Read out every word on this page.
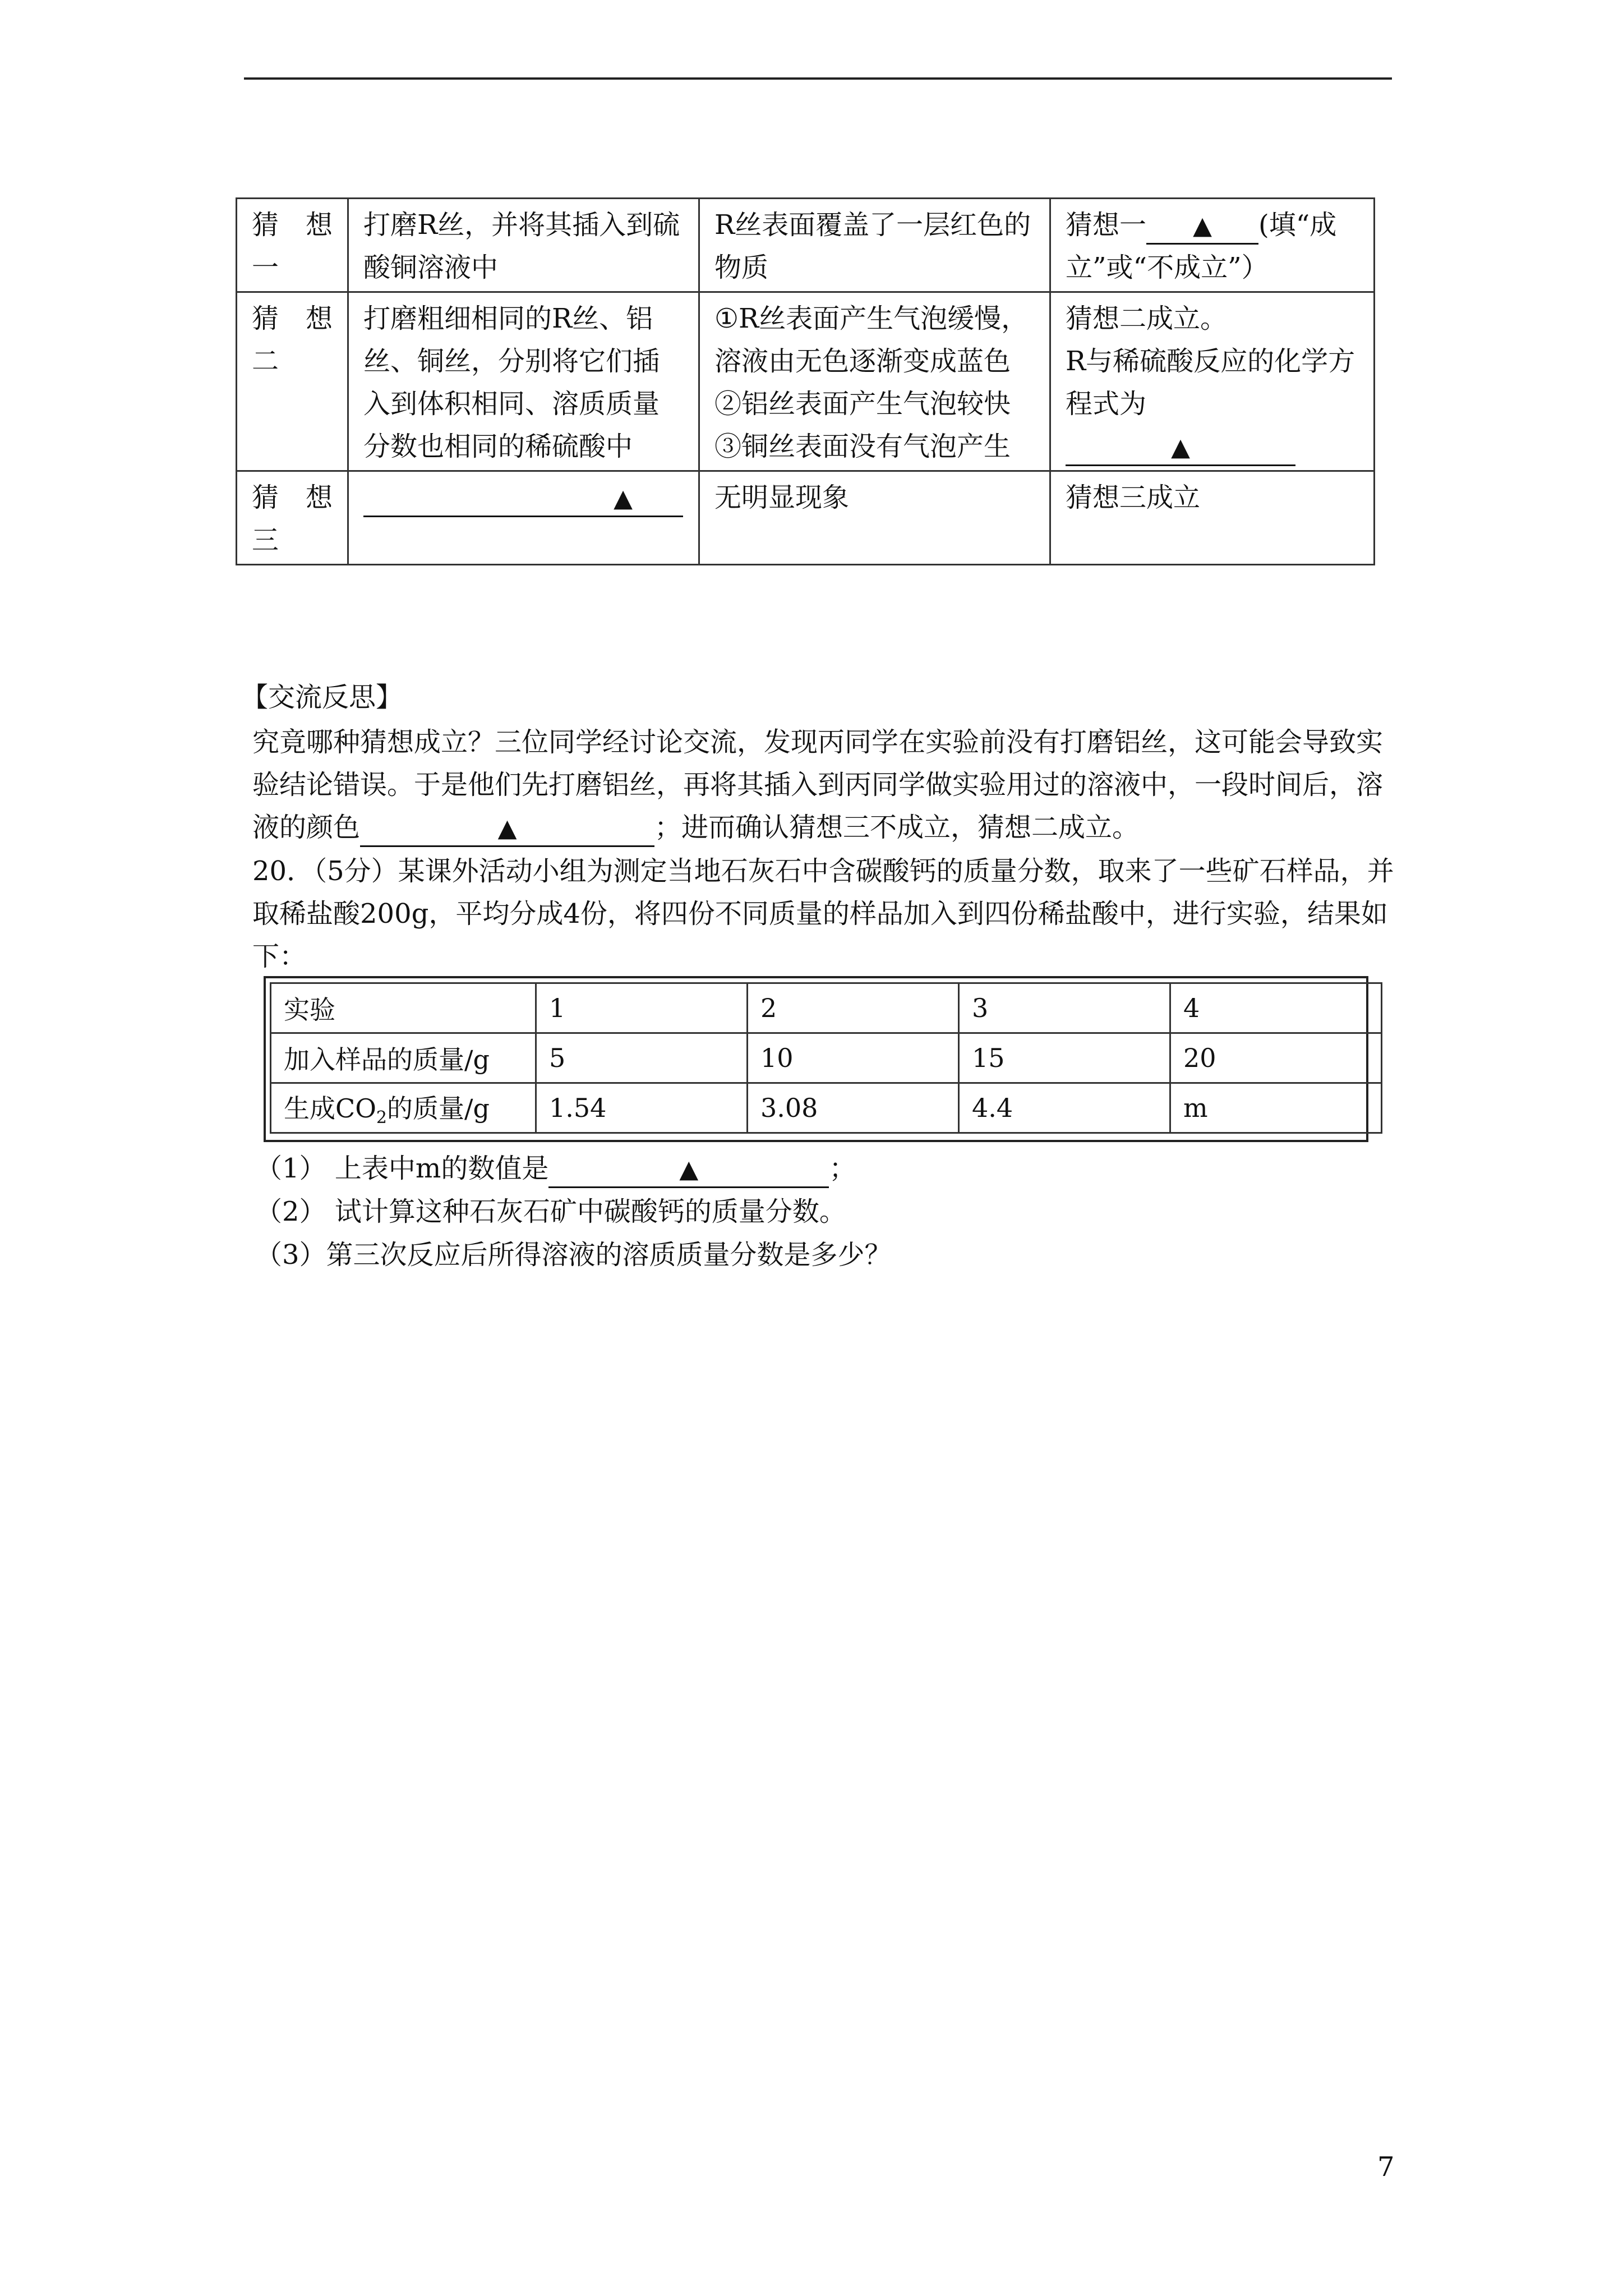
猜　想
一	打磨R丝，并将其插入到硫酸铜溶液中	R丝表面覆盖了一层红色的物质	猜想一 ▲ (填“成立”或“不成立”）
猜　想
二	打磨粗细相同的R丝、铝丝、铜丝，分别将它们插入到体积相同、溶质质量分数也相同的稀硫酸中	①R丝表面产生气泡缓慢，溶液由无色逐渐变成蓝色
②铝丝表面产生气泡较快
③铜丝表面没有气泡产生	猜想二成立。
R与稀硫酸反应的化学方程式为
▲
猜　想
三	▲	无明显现象	猜想三成立
【交流反思】
究竟哪种猜想成立？三位同学经讨论交流，发现丙同学在实验前没有打磨铝丝，这可能会导致实验结论错误。于是他们先打磨铝丝，再将其插入到丙同学做实验用过的溶液中，一段时间后，溶液的颜色	▲	；进而确认猜想三不成立，猜想二成立。
20．（5分）某课外活动小组为测定当地石灰石中含碳酸钙的质量分数，取来了一些矿石样品，并取稀盐酸200g，平均分成4份，将四份不同质量的样品加入到四份稀盐酸中，进行实验，结果如下：
实验	1	2	3	4
加入样品的质量/g	5	10	15	20
生成$CO_2$的质量/g	1.54	3.08	4.4	m
（1） 上表中m的数值是	▲	；
（2） 试计算这种石灰石矿中碳酸钙的质量分数。
（3）第三次反应后所得溶液的溶质质量分数是多少？
7
